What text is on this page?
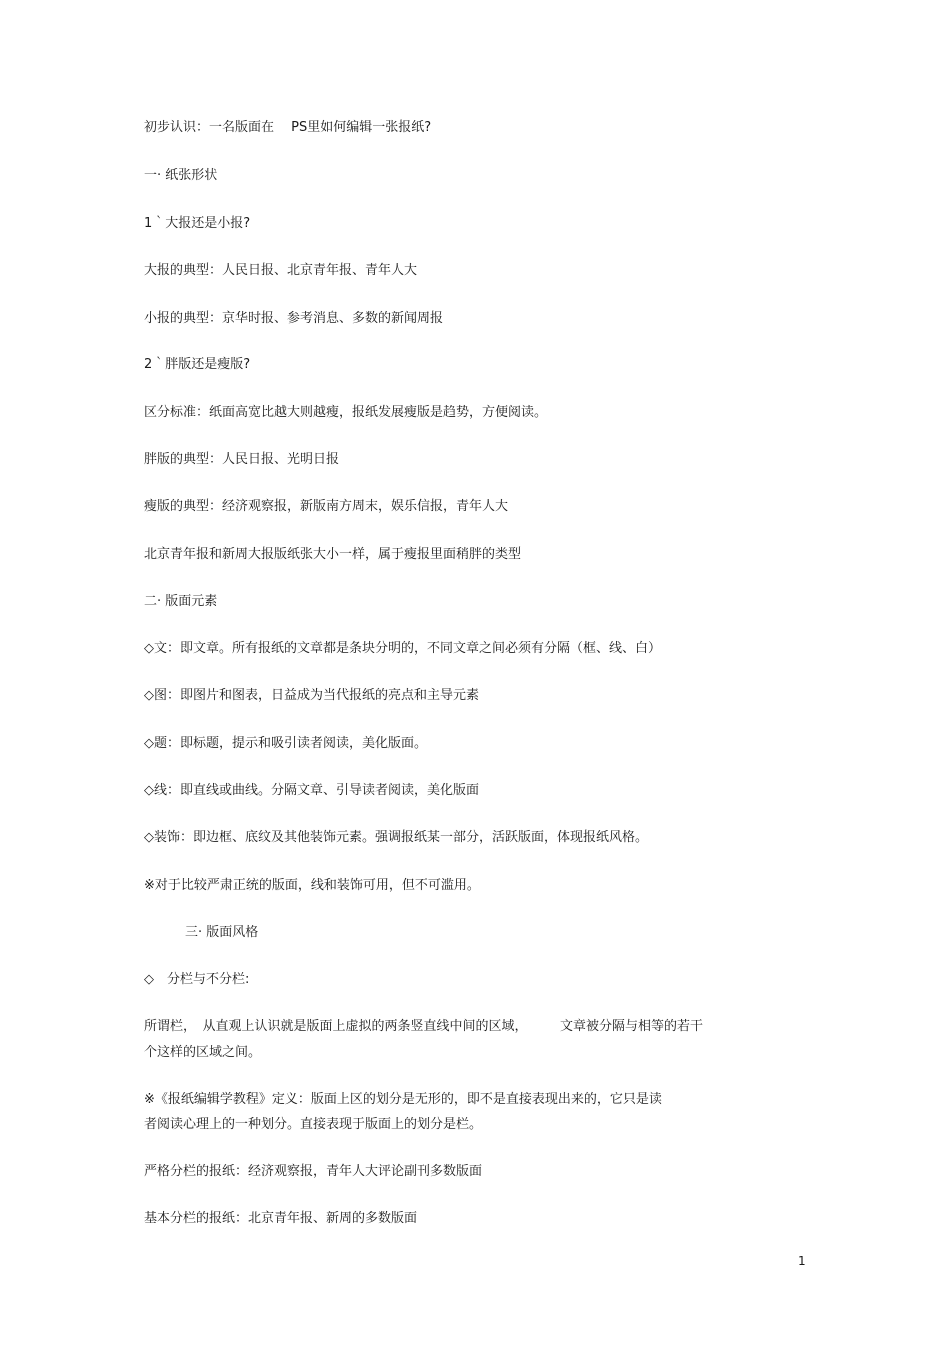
初步认识：一名版面在　 PS里如何编辑一张报纸?
一· 纸张形状
1｀大报还是小报?
大报的典型：人民日报、北京青年报、青年人大
小报的典型：京华时报、参考消息、多数的新闻周报
2｀胖版还是瘦版?
区分标准：纸面高宽比越大则越瘦，报纸发展瘦版是趋势，方便阅读。
胖版的典型：人民日报、光明日报
瘦版的典型：经济观察报，新版南方周末，娱乐信报，青年人大
北京青年报和新周大报版纸张大小一样，属于瘦报里面稍胖的类型
二· 版面元素
◇文：即文章。所有报纸的文章都是条块分明的，不同文章之间必须有分隔（框、线、白）
◇图：即图片和图表，日益成为当代报纸的亮点和主导元素
◇题：即标题，提示和吸引读者阅读，美化版面。
◇线：即直线或曲线。分隔文章、引导读者阅读，美化版面
◇装饰：即边框、底纹及其他装饰元素。强调报纸某一部分，活跃版面，体现报纸风格。
※对于比较严肃正统的版面，线和装饰可用，但不可滥用。
三· 版面风格
◇　分栏与不分栏:
所谓栏，　从直观上认识就是版面上虚拟的两条竖直线中间的区域，　　　文章被分隔与相等的若干
个这样的区域之间。
※《报纸编辑学教程》定义：版面上区的划分是无形的，即不是直接表现出来的，它只是读
者阅读心理上的一种划分。直接表现于版面上的划分是栏。
严格分栏的报纸：经济观察报，青年人大评论副刊多数版面
基本分栏的报纸：北京青年报、新周的多数版面
1
